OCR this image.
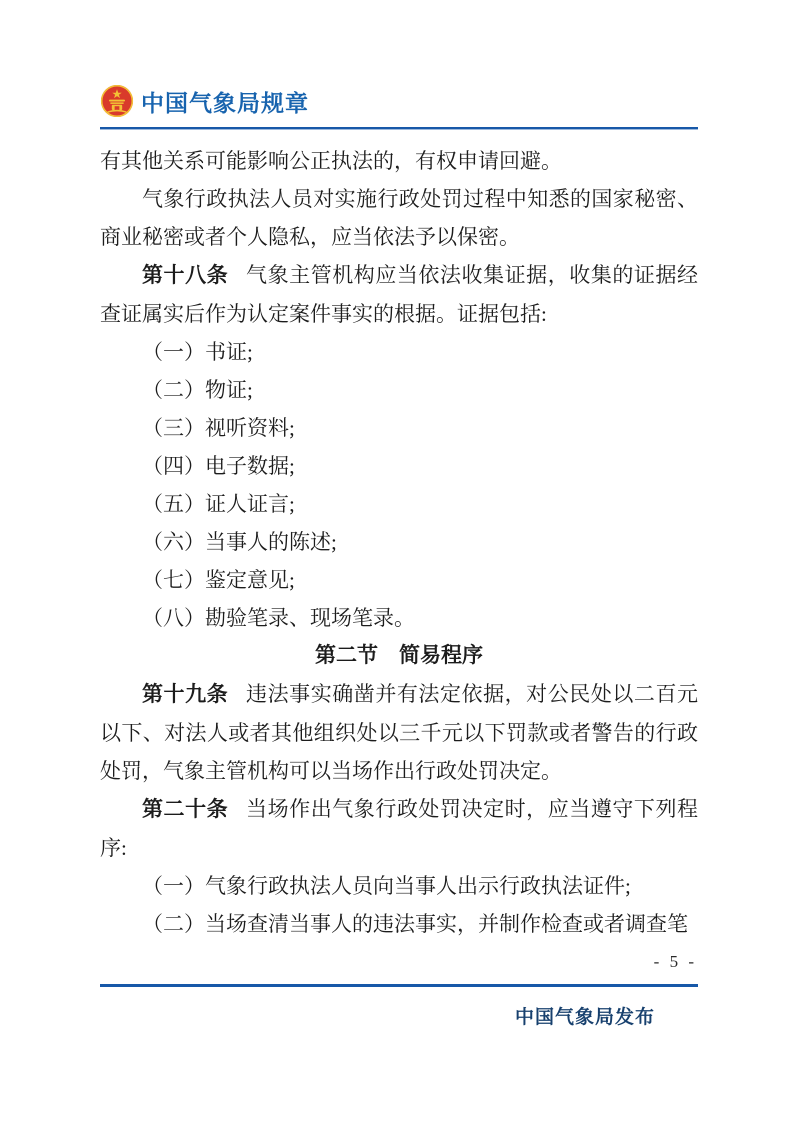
中国气象局规章

有其他关系可能影响公正执法的，有权申请回避。

气象行政执法人员对实施行政处罚过程中知悉的国家秘密、商业秘密或者个人隐私，应当依法予以保密。

第十八条 气象主管机构应当依法收集证据，收集的证据经查证属实后作为认定案件事实的根据。证据包括:

（一）书证;

（二）物证;

（三）视听资料;

（四）电子数据;

（五）证人证言;

（六）当事人的陈述;

（七）鉴定意见;

（八）勘验笔录、现场笔录。

第二节　简易程序

第十九条 违法事实确凿并有法定依据，对公民处以二百元以下、对法人或者其他组织处以三千元以下罚款或者警告的行政处罚，气象主管机构可以当场作出行政处罚决定。

第二十条 当场作出气象行政处罚决定时，应当遵守下列程序:

（一）气象行政执法人员向当事人出示行政执法证件;

（二）当场查清当事人的违法事实，并制作检查或者调查笔

- 5 -
中国气象局发布
